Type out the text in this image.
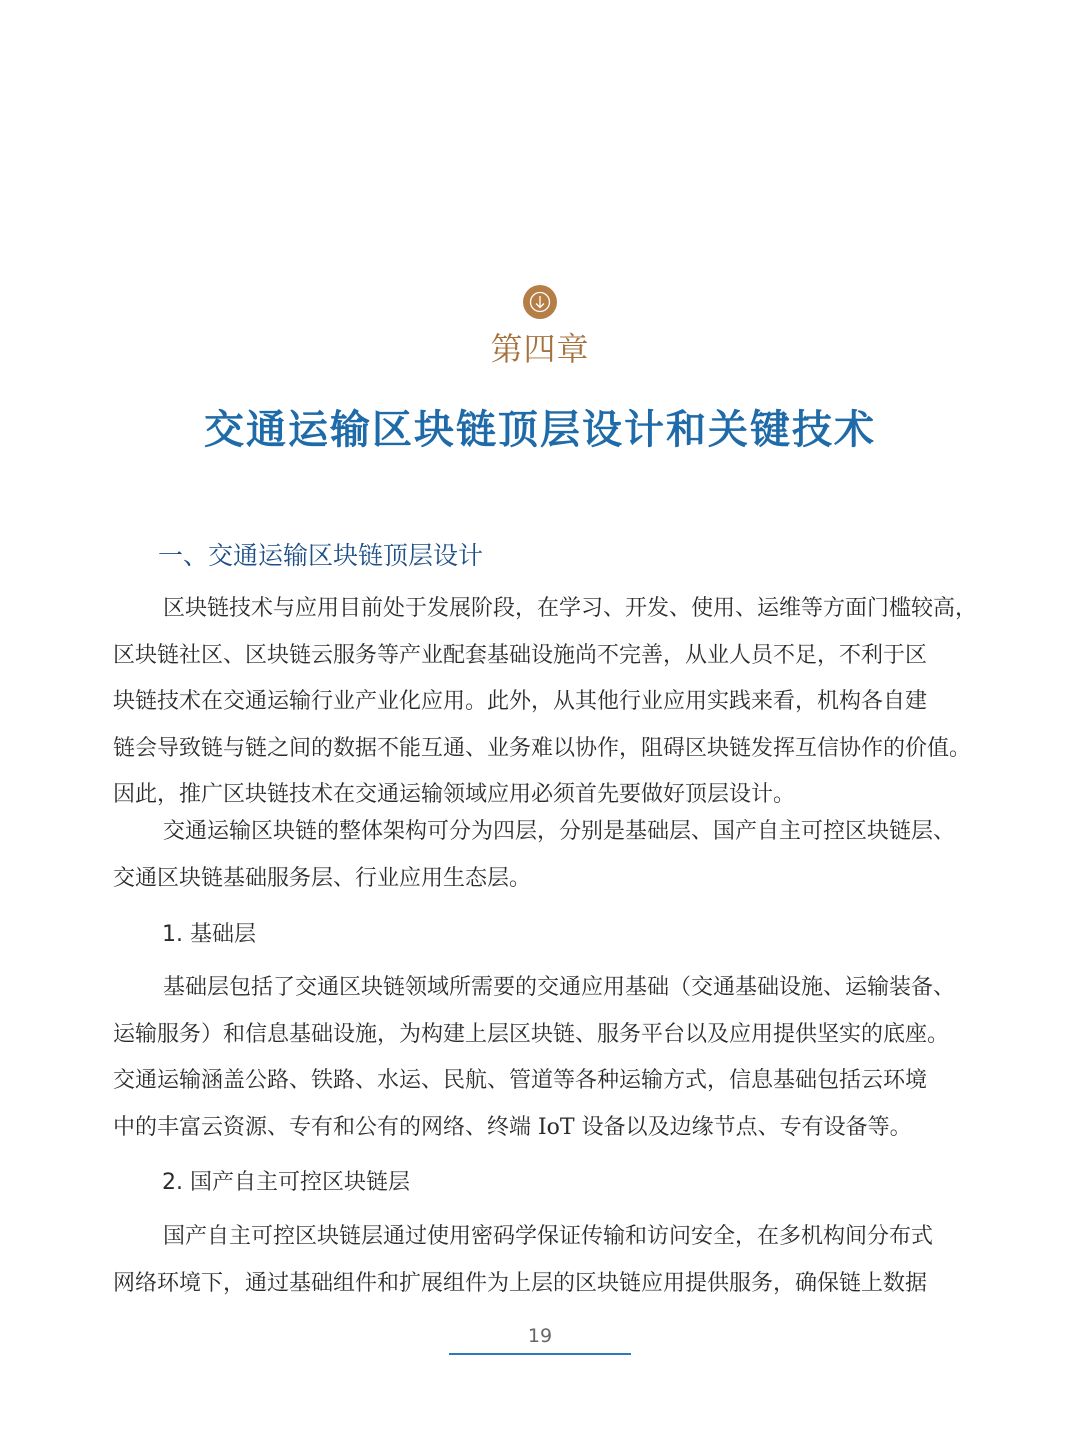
第四章
交通运输区块链顶层设计和关键技术
一、交通运输区块链顶层设计

区块链技术与应用目前处于发展阶段，在学习、开发、使用、运维等方面门槛较高，
区块链社区、区块链云服务等产业配套基础设施尚不完善，从业人员不足，不利于区
块链技术在交通运输行业产业化应用。此外，从其他行业应用实践来看，机构各自建
链会导致链与链之间的数据不能互通、业务难以协作，阻碍区块链发挥互信协作的价值。
因此，推广区块链技术在交通运输领域应用必须首先要做好顶层设计。

交通运输区块链的整体架构可分为四层，分别是基础层、国产自主可控区块链层、
交通区块链基础服务层、行业应用生态层。

1. 基础层

基础层包括了交通区块链领域所需要的交通应用基础（交通基础设施、运输装备、
运输服务）和信息基础设施，为构建上层区块链、服务平台以及应用提供坚实的底座。
交通运输涵盖公路、铁路、水运、民航、管道等各种运输方式，信息基础包括云环境
中的丰富云资源、专有和公有的网络、终端 IoT 设备以及边缘节点、专有设备等。

2. 国产自主可控区块链层

国产自主可控区块链层通过使用密码学保证传输和访问安全，在多机构间分布式
网络环境下，通过基础组件和扩展组件为上层的区块链应用提供服务，确保链上数据

19
